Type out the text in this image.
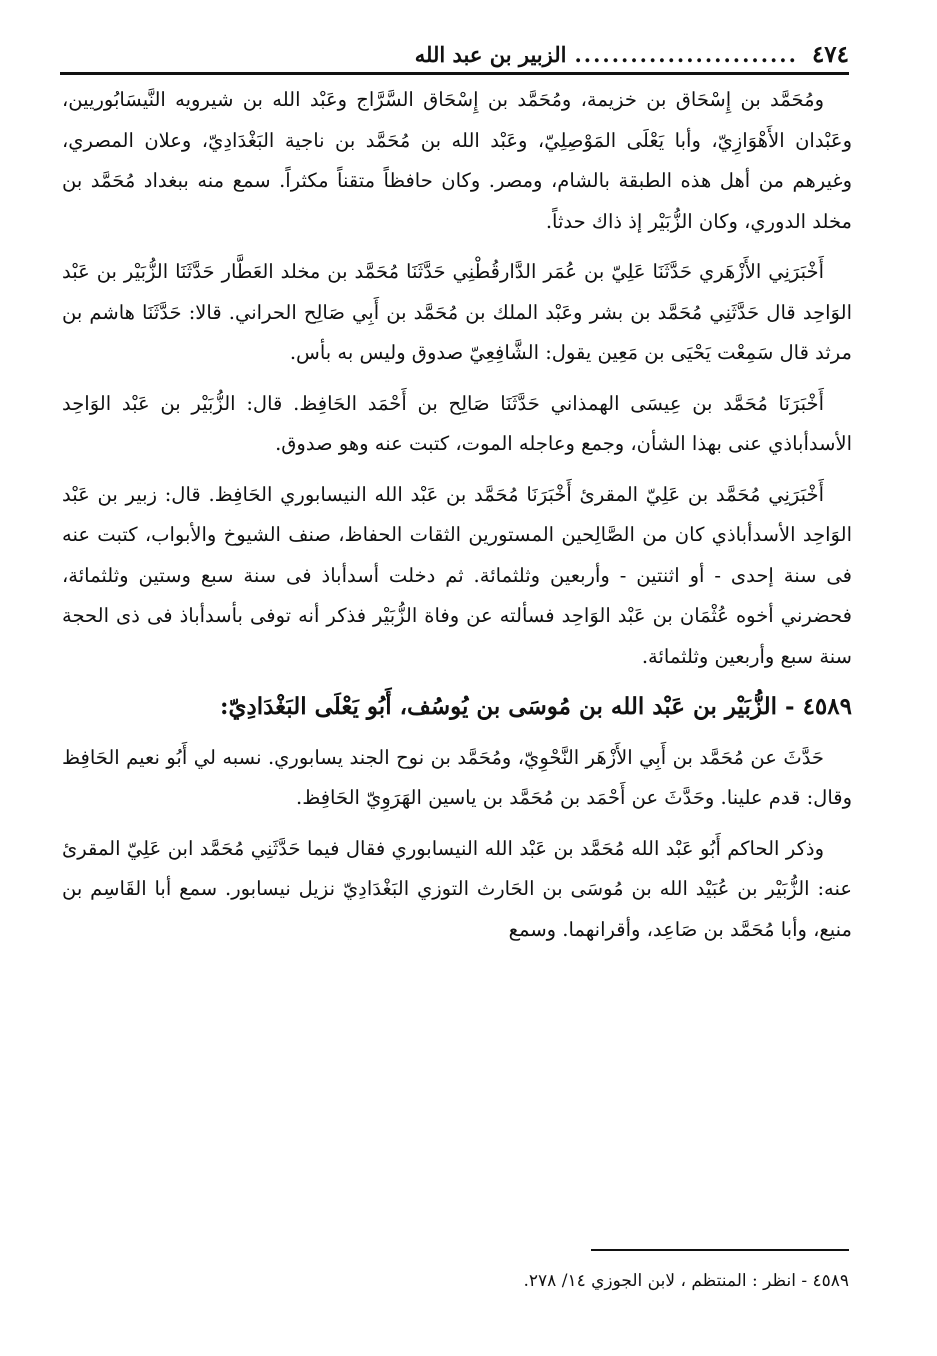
٤٧٤
........................
الزبير بن عبد الله

ومُحَمَّد بن إِسْحَاق بن خزيمة، ومُحَمَّد بن إِسْحَاق السَّرَّاج وعَبْد الله بن شيرويه النَّيسَابُوريين، وعَبْدان الأَهْوَازِيّ، وأبا يَعْلَى المَوْصِلِيّ، وعَبْد الله بن مُحَمَّد بن ناجية البَغْدَادِيّ، وعلان المصري، وغيرهم من أهل هذه الطبقة بالشام، ومصر. وكان حافظاً متقناً مكثراً. سمع منه ببغداد مُحَمَّد بن مخلد الدوري، وكان الزُّبَيْر إذ ذاك حدثاً.

أَخْبَرَنِي الأَزْهَري حَدَّثَنَا عَلِيّ بن عُمَر الدَّارقُطْنِي حَدَّثَنَا مُحَمَّد بن مخلد العَطَّار حَدَّثَنَا الزُّبَيْر بن عَبْد الوَاحِد قال حَدَّثَنِي مُحَمَّد بن بشر وعَبْد الملك بن مُحَمَّد بن أَبِي صَالِح الحراني. قالا: حَدَّثَنَا هاشم بن مرثد قال سَمِعْت يَحْيَى بن مَعِين يقول: الشَّافِعِيّ صدوق وليس به بأس.

أَخْبَرَنَا مُحَمَّد بن عِيسَى الهمذاني حَدَّثَنَا صَالِح بن أَحْمَد الحَافِظ. قال: الزُّبَيْر بن عَبْد الوَاحِد الأسدأباذي عنى بهذا الشأن، وجمع وعاجله الموت، كتبت عنه وهو صدوق.

أَخْبَرَنِي مُحَمَّد بن عَلِيّ المقرئ أَخْبَرَنَا مُحَمَّد بن عَبْد الله النيسابوري الحَافِظ. قال: زبير بن عَبْد الوَاحِد الأسدأباذي كان من الصَّالِحين المستورين الثقات الحفاظ، صنف الشيوخ والأبواب، كتبت عنه فى سنة إحدى - أو اثنتين - وأربعين وثلثمائة. ثم دخلت أسدأباذ فى سنة سبع وستين وثلثمائة، فحضرني أخوه عُثْمَان بن عَبْد الوَاحِد فسألته عن وفاة الزُّبَيْر فذكر أنه توفى بأسدأباذ فى ذى الحجة سنة سبع وأربعين وثلثمائة.

٤٥٨٩ - الزُّبَيْر بن عَبْد الله بن مُوسَى بن يُوسُف، أَبُو يَعْلَى البَغْدَادِيّ:

حَدَّثَ عن مُحَمَّد بن أَبِي الأَزْهَر النَّحْوِيّ، ومُحَمَّد بن نوح الجند يسابوري. نسبه لي أَبُو نعيم الحَافِظ وقال: قدم علينا. وحَدَّثَ عن أَحْمَد بن مُحَمَّد بن ياسين الهَرَوِيّ الحَافِظ.

وذكر الحاكم أَبُو عَبْد الله مُحَمَّد بن عَبْد الله النيسابوري فقال فيما حَدَّثَنِي مُحَمَّد ابن عَلِيّ المقرئ عنه: الزُّبَيْر بن عُبَيْد الله بن مُوسَى بن الحَارث التوزي البَغْدَادِيّ نزيل نيسابور. سمع أبا القَاسِم بن منيع، وأبا مُحَمَّد بن صَاعِد، وأقرانهما. وسمع

٤٥٨٩ - انظر : المنتظم ، لابن الجوزي ١٤/ ٢٧٨.
